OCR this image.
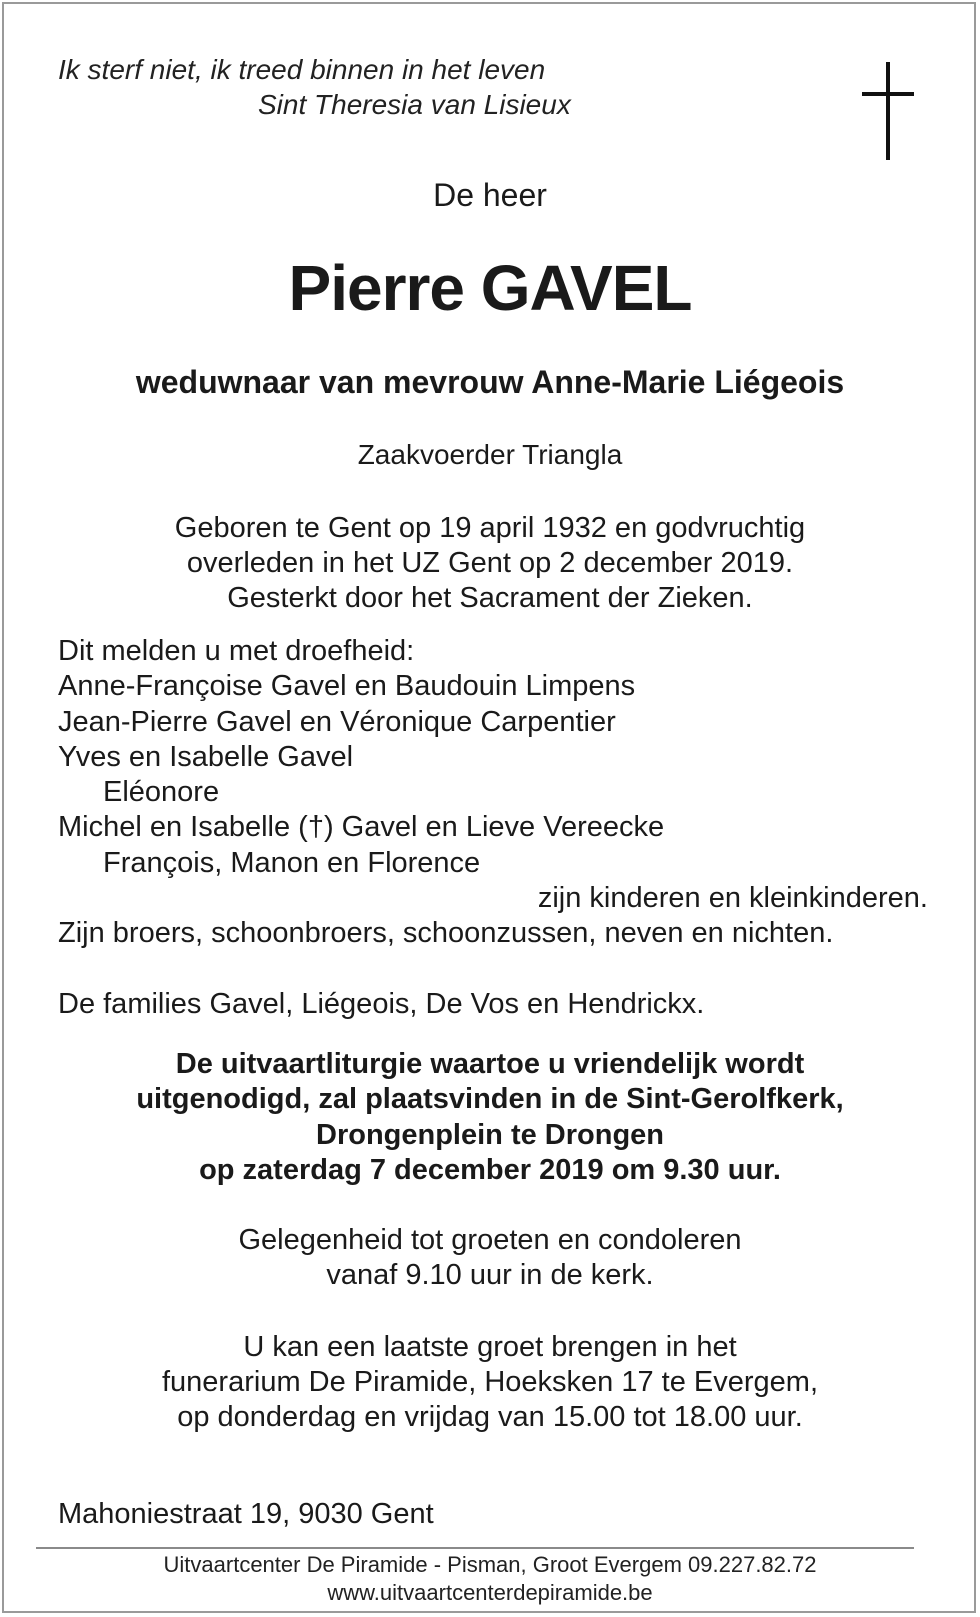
Ik sterf niet, ik treed binnen in het leven
Sint Theresia van Lisieux
De heer
Pierre GAVEL
weduwnaar van mevrouw Anne-Marie Liégeois
Zaakvoerder Triangla
Geboren te Gent op 19 april 1932 en godvruchtig
overleden in het UZ Gent op 2 december 2019.
Gesterkt door het Sacrament der Zieken.
Dit melden u met droefheid:
Anne-Françoise Gavel en Baudouin Limpens
Jean-Pierre Gavel en Véronique Carpentier
Yves en Isabelle Gavel
Eléonore
Michel en Isabelle (†) Gavel en Lieve Vereecke
François, Manon en Florence
zijn kinderen en kleinkinderen.
Zijn broers, schoonbroers, schoonzussen, neven en nichten.
De families Gavel, Liégeois, De Vos en Hendrickx.
De uitvaartliturgie waartoe u vriendelijk wordt
uitgenodigd, zal plaatsvinden in de Sint-Gerolfkerk,
Drongenplein te Drongen
op zaterdag 7 december 2019 om 9.30 uur.
Gelegenheid tot groeten en condoleren
vanaf 9.10 uur in de kerk.
U kan een laatste groet brengen in het
funerarium De Piramide, Hoeksken 17 te Evergem,
op donderdag en vrijdag van 15.00 tot 18.00 uur.
Mahoniestraat 19, 9030 Gent
Uitvaartcenter De Piramide - Pisman, Groot Evergem 09.227.82.72
www.uitvaartcenterdepiramide.be
